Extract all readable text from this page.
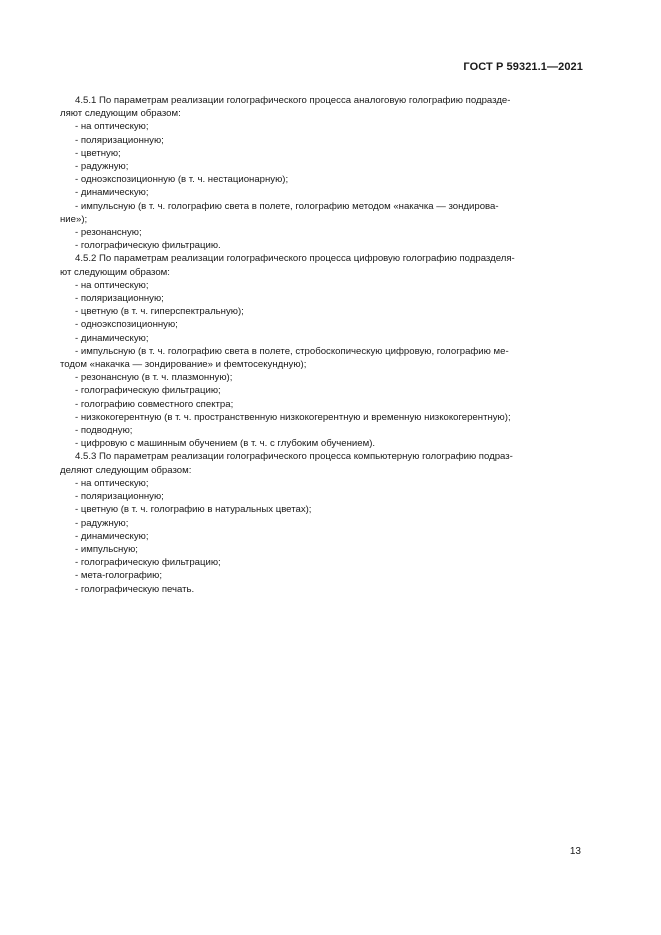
ГОСТ Р 59321.1—2021

4.5.1 По параметрам реализации голографического процесса аналоговую голографию подразде-

ляют следующим образом:

- на оптическую;

- поляризационную;

- цветную;

- радужную;

- одноэкспозиционную (в т. ч. нестационарную);

- динамическую;

- импульсную (в т. ч. голографию света в полете, голографию методом «накачка — зондирова-

ние»);

- резонансную;

- голографическую фильтрацию.

4.5.2 По параметрам реализации голографического процесса цифровую голографию подразделя-

ют следующим образом:

- на оптическую;

- поляризационную;

- цветную (в т. ч. гиперспектральную);

- одноэкспозиционную;

- динамическую;

- импульсную (в т. ч. голографию света в полете, стробоскопическую цифровую, голографию ме-

тодом «накачка — зондирование» и фемтосекундную);

- резонансную (в т. ч. плазмонную);

- голографическую фильтрацию;

- голографию совместного спектра;

- низкокогерентную (в т. ч. пространственную низкокогерентную и временную низкокогерентную);

- подводную;

- цифровую с машинным обучением (в т. ч. с глубоким обучением).

4.5.3 По параметрам реализации голографического процесса компьютерную голографию подраз-

деляют следующим образом:

- на оптическую;

- поляризационную;

- цветную (в т. ч. голографию в натуральных цветах);

- радужную;

- динамическую;

- импульсную;

- голографическую фильтрацию;

- мета-голографию;

- голографическую печать.

13
